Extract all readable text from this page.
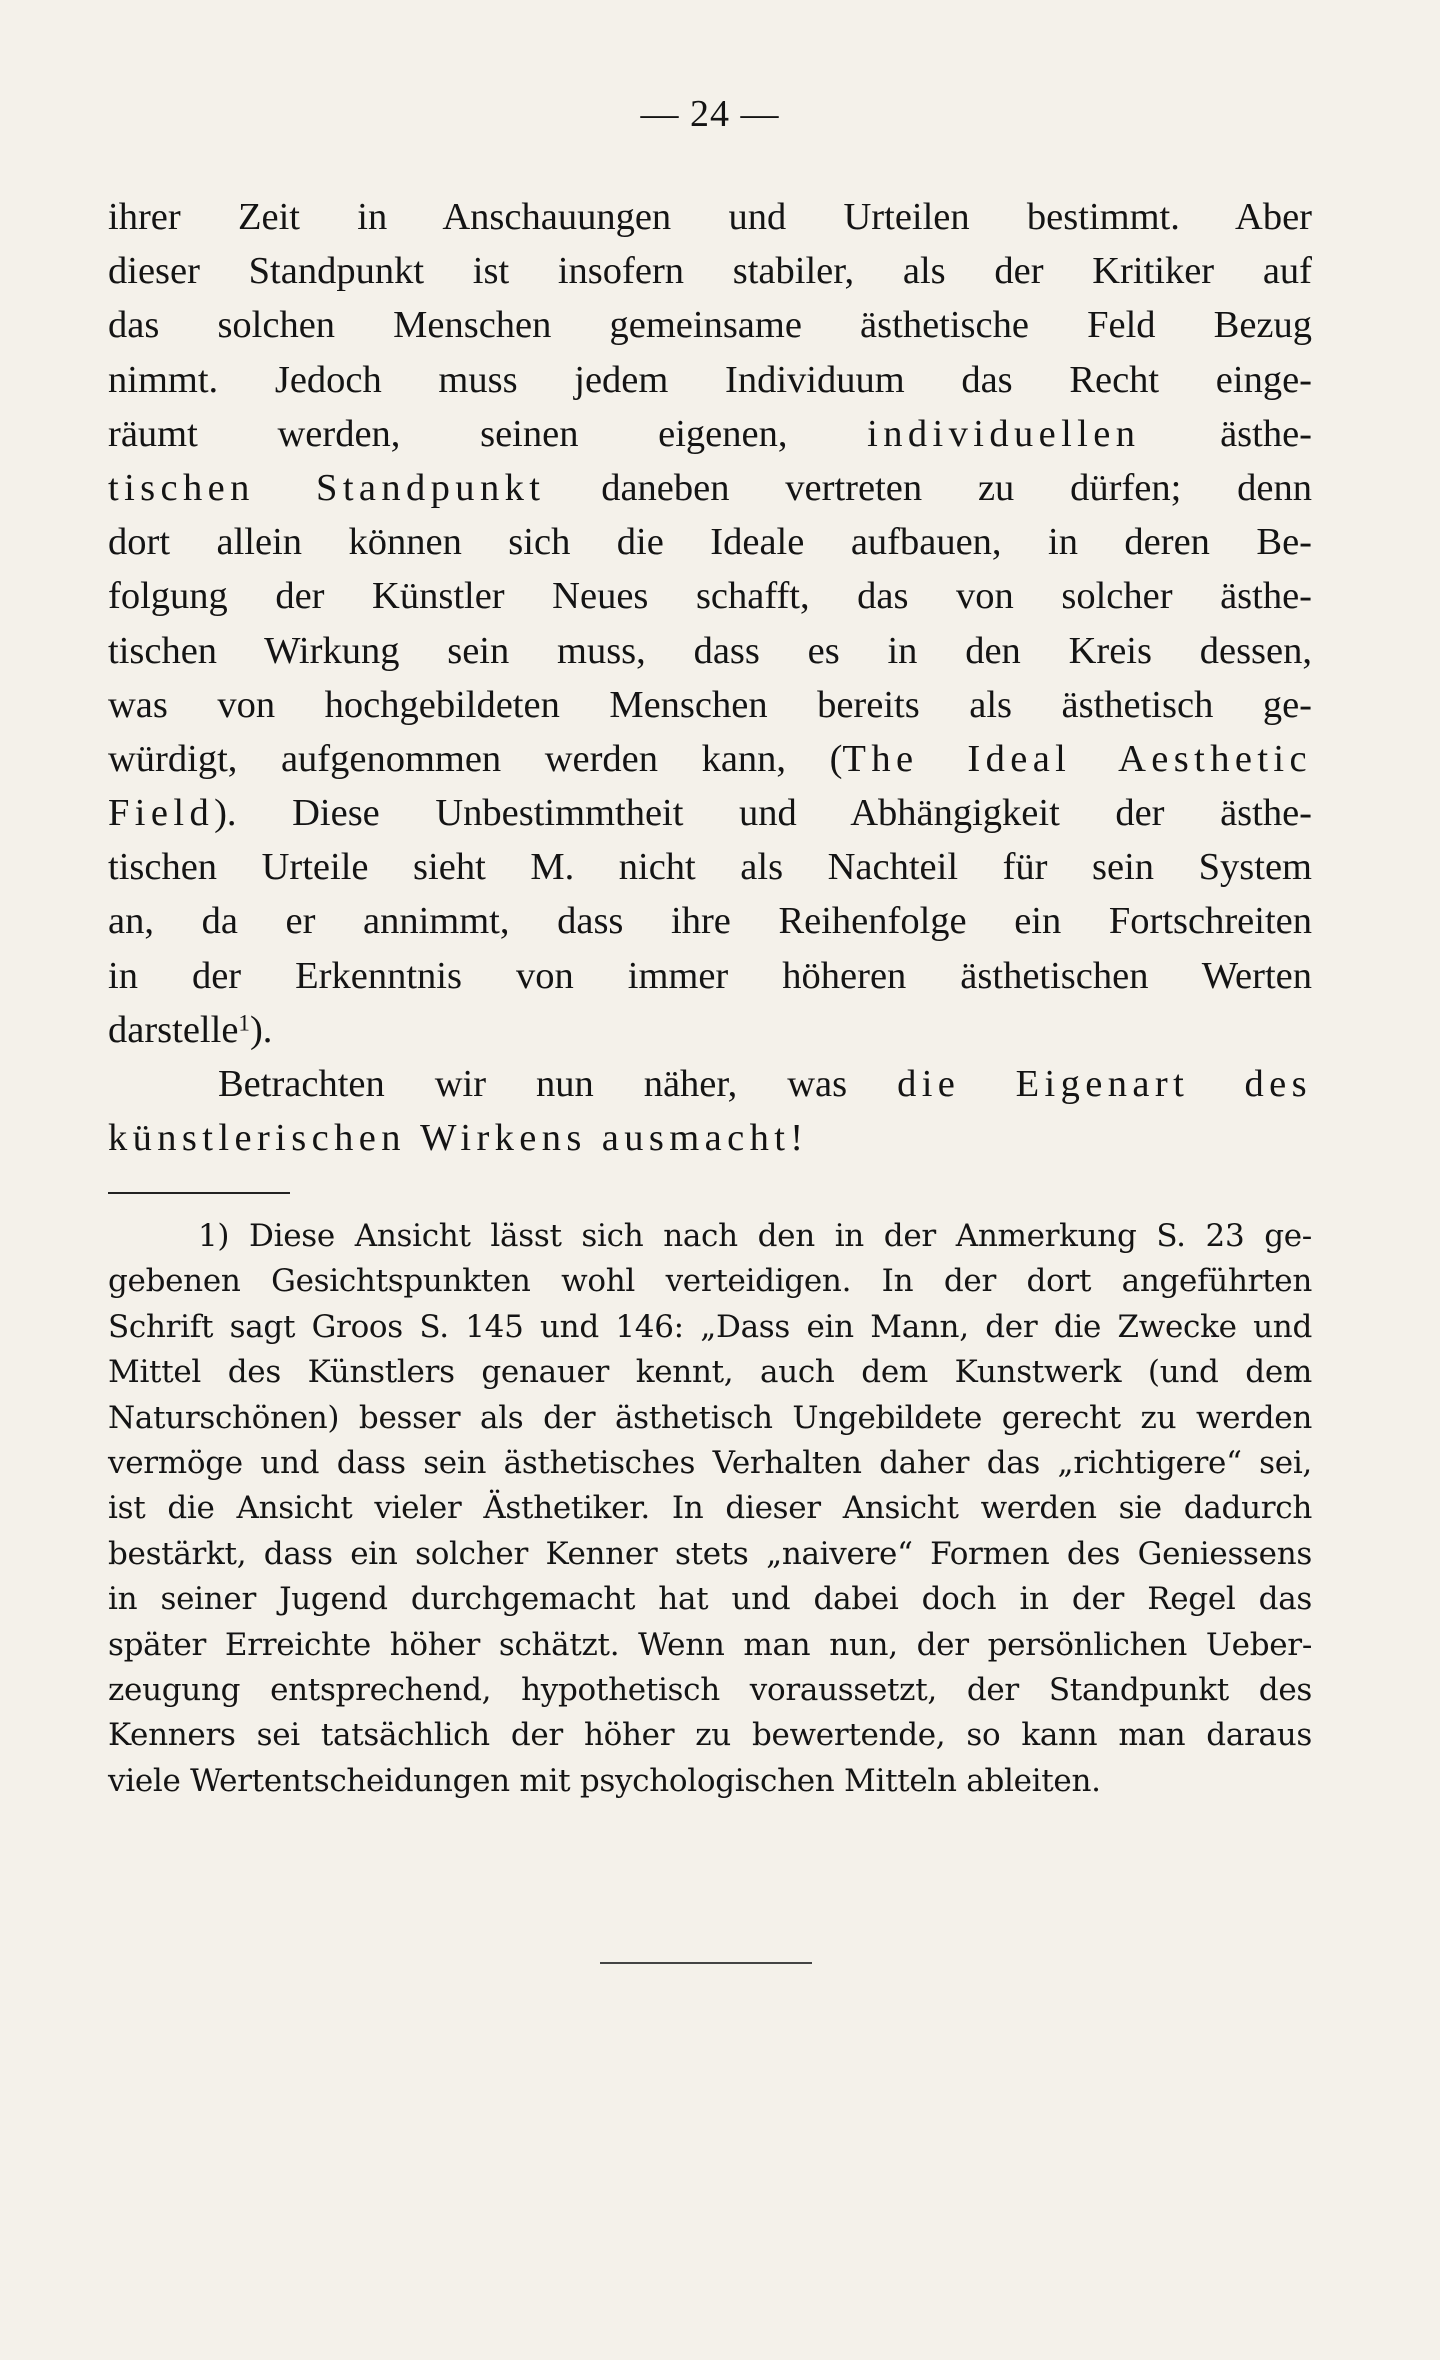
— 24 —
ihrer Zeit in Anschauungen und Urteilen bestimmt. Aber
dieser Standpunkt ist insofern stabiler, als der Kritiker auf
das solchen Menschen gemeinsame ästhetische Feld Bezug
nimmt. Jedoch muss jedem Individuum das Recht einge-
räumt werden, seinen eigenen, individuellen ästhe-
tischen Standpunkt daneben vertreten zu dürfen; denn
dort allein können sich die Ideale aufbauen, in deren Be-
folgung der Künstler Neues schafft, das von solcher ästhe-
tischen Wirkung sein muss, dass es in den Kreis dessen,
was von hochgebildeten Menschen bereits als ästhetisch ge-
würdigt, aufgenommen werden kann, (The Ideal Aesthetic
Field). Diese Unbestimmtheit und Abhängigkeit der ästhe-
tischen Urteile sieht M. nicht als Nachteil für sein System
an, da er annimmt, dass ihre Reihenfolge ein Fortschreiten
in der Erkenntnis von immer höheren ästhetischen Werten
darstelle$^1$).
Betrachten wir nun näher, was die Eigenart des
künstlerischen Wirkens ausmacht!
1) Diese Ansicht lässt sich nach den in der Anmerkung S. 23 ge-
gebenen Gesichtspunkten wohl verteidigen. In der dort angeführten
Schrift sagt Groos S. 145 und 146: „Dass ein Mann, der die Zwecke und
Mittel des Künstlers genauer kennt, auch dem Kunstwerk (und dem
Naturschönen) besser als der ästhetisch Ungebildete gerecht zu werden
vermöge und dass sein ästhetisches Verhalten daher das „richtigere“ sei,
ist die Ansicht vieler Ästhetiker. In dieser Ansicht werden sie dadurch
bestärkt, dass ein solcher Kenner stets „naivere“ Formen des Geniessens
in seiner Jugend durchgemacht hat und dabei doch in der Regel das
später Erreichte höher schätzt. Wenn man nun, der persönlichen Ueber-
zeugung entsprechend, hypothetisch voraussetzt, der Standpunkt des
Kenners sei tatsächlich der höher zu bewertende, so kann man daraus
viele Wertentscheidungen mit psychologischen Mitteln ableiten.
